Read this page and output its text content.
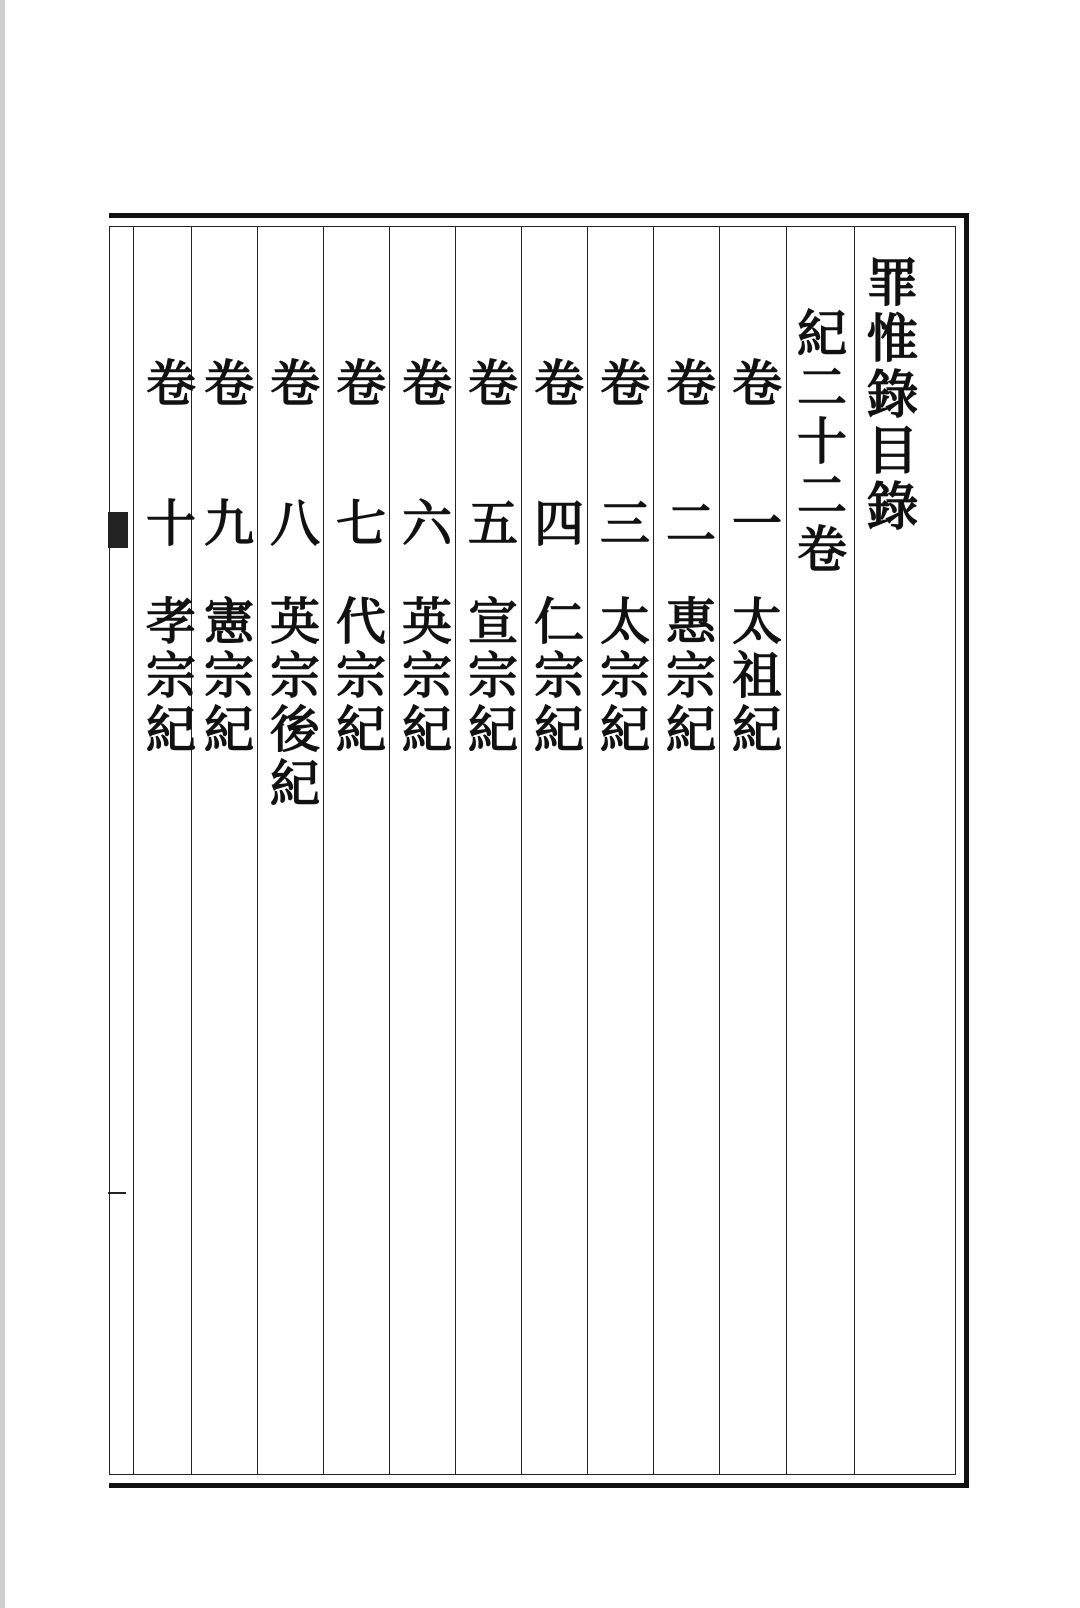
罪惟錄目錄
紀二十二卷
卷
一
太祖紀
卷
二
惠宗紀
卷
三
太宗紀
卷
四
仁宗紀
卷
五
宣宗紀
卷
六
英宗紀
卷
七
代宗紀
卷
八
英宗後紀
卷
九
憲宗紀
卷
十
孝宗紀
